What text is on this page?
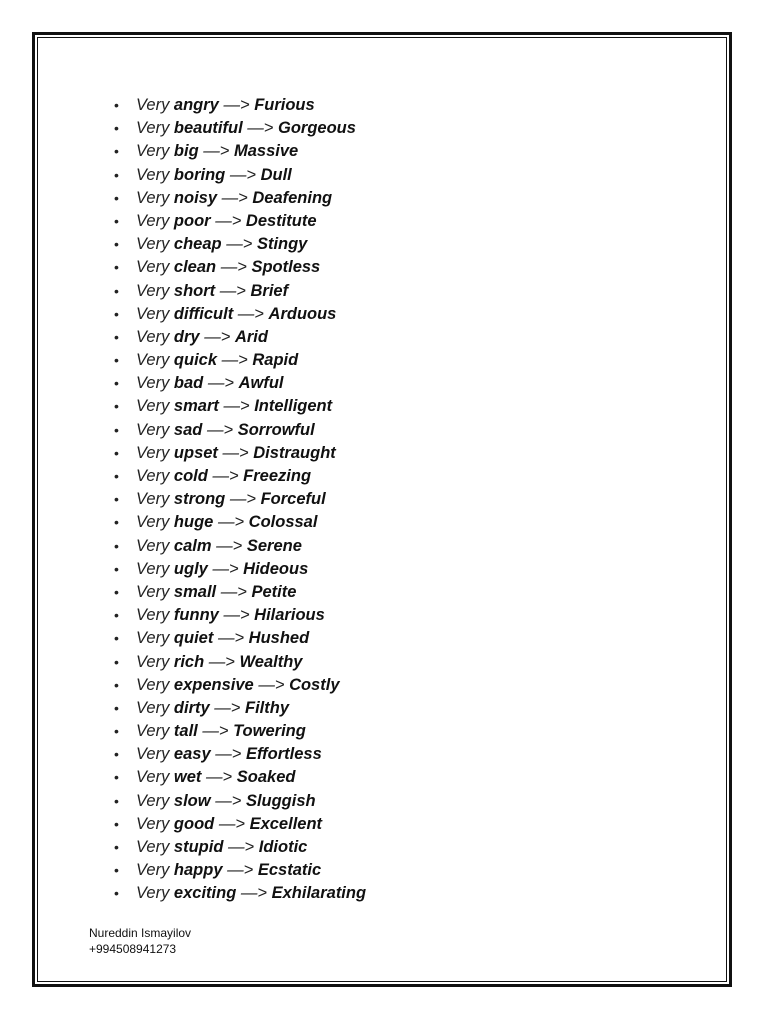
• Very angry —> Furious
• Very beautiful —> Gorgeous
• Very big —> Massive
• Very boring —> Dull
• Very noisy —> Deafening
• Very poor —> Destitute
• Very cheap —> Stingy
• Very clean —> Spotless
• Very short —> Brief
• Very difficult —> Arduous
• Very dry —> Arid
• Very quick —> Rapid
• Very bad —> Awful
• Very smart —> Intelligent
• Very sad —> Sorrowful
• Very upset —> Distraught
• Very cold —> Freezing
• Very strong —> Forceful
• Very huge —> Colossal
• Very calm —> Serene
• Very ugly —> Hideous
• Very small —> Petite
• Very funny —> Hilarious
• Very quiet —> Hushed
• Very rich —> Wealthy
• Very expensive —> Costly
• Very dirty —> Filthy
• Very tall —> Towering
• Very easy —> Effortless
• Very wet —> Soaked
• Very slow —> Sluggish
• Very good —> Excellent
• Very stupid —> Idiotic
• Very happy —> Ecstatic
• Very exciting —> Exhilarating
Nureddin Ismayilov
+994508941273
